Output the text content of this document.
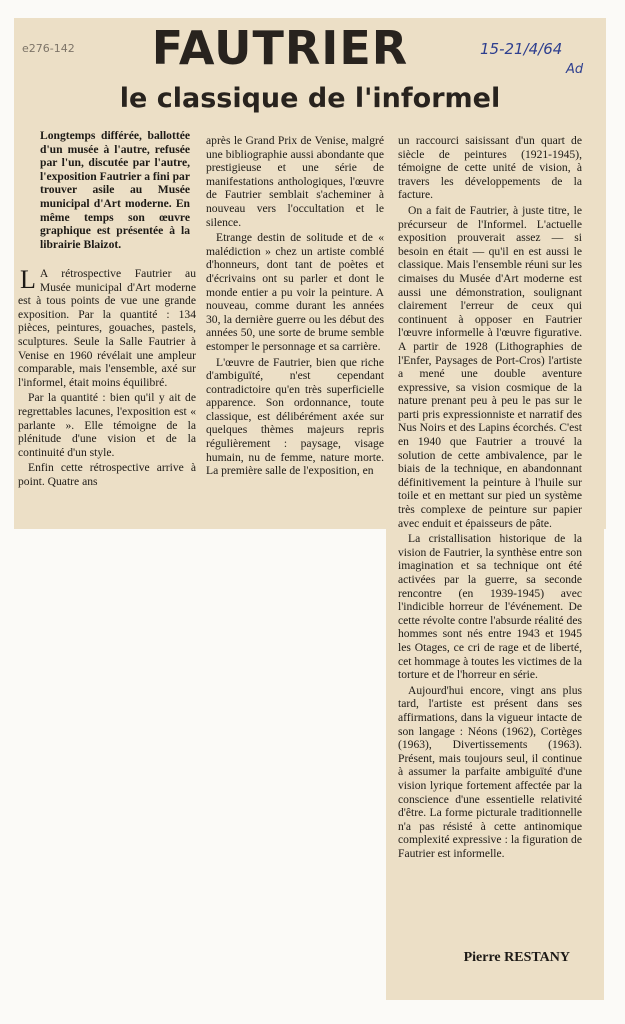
e276-142	15-21/4/64
Ad
FAUTRIER
le classique de l'informel

Longtemps différée, ballottée d'un musée à l'autre, refusée par l'un, discutée par l'autre, l'exposition Fautrier a fini par trouver asile au Musée municipal d'Art moderne. En même temps son œuvre graphique est présentée à la librairie Blaizot.

L A rétrospective Fautrier au Musée municipal d'Art moderne est à tous points de vue une grande exposition. Par la quantité : 134 pièces, peintures, gouaches, pastels, sculptures. Seule la Salle Fautrier à Venise en 1960 révélait une ampleur comparable, mais l'ensemble, axé sur l'informel, était moins équilibré.

Par la quantité : bien qu'il y ait de regrettables lacunes, l'exposition est « parlante ». Elle témoigne de la plénitude d'une vision et de la continuité d'un style.

Enfin cette rétrospective arrive à point. Quatre ans

après le Grand Prix de Venise, malgré une bibliographie aussi abondante que prestigieuse et une série de manifestations anthologiques, l'œuvre de Fautrier semblait s'acheminer à nouveau vers l'occultation et le silence.

Etrange destin de solitude et de « malédiction » chez un artiste comblé d'honneurs, dont tant de poètes et d'écrivains ont su parler et dont le monde entier a pu voir la peinture. A nouveau, comme durant les années 30, la dernière guerre ou les début des années 50, une sorte de brume semble estomper le personnage et sa carrière.

L'œuvre de Fautrier, bien que riche d'ambiguïté, n'est cependant contradictoire qu'en très superficielle apparence. Son ordonnance, toute classique, est délibérément axée sur quelques thèmes majeurs repris régulièrement : paysage, visage humain, nu de femme, nature morte. La première salle de l'exposition, en

un raccourci saisissant d'un quart de siècle de peintures (1921-1945), témoigne de cette unité de vision, à travers les développements de la facture.

On a fait de Fautrier, à juste titre, le précurseur de l'Informel. L'actuelle exposition prouverait assez — si besoin en était — qu'il en est aussi le classique. Mais l'ensemble réuni sur les cimaises du Musée d'Art moderne est aussi une démonstration, soulignant clairement l'erreur de ceux qui continuent à opposer en Fautrier l'œuvre informelle à l'œuvre figurative. A partir de 1928 (Lithographies de l'Enfer, Paysages de Port-Cros) l'artiste a mené une double aventure expressive, sa vision cosmique de la nature prenant peu à peu le pas sur le parti pris expressionniste et narratif des Nus Noirs et des Lapins écorchés. C'est en 1940 que Fautrier a trouvé la solution de cette ambivalence, par le biais de la technique, en abandonnant définitivement la peinture à l'huile sur toile et en mettant sur pied un système très complexe de peinture sur papier avec enduit et épaisseurs de pâte.

La cristallisation historique de la vision de Fautrier, la synthèse entre son imagination et sa technique ont été activées par la guerre, sa seconde rencontre (en 1939-1945) avec l'indicible horreur de l'événement. De cette révolte contre l'absurde réalité des hommes sont nés entre 1943 et 1945 les Otages, ce cri de rage et de liberté, cet hommage à toutes les victimes de la torture et de l'horreur en série.

Aujourd'hui encore, vingt ans plus tard, l'artiste est présent dans ses affirmations, dans la vigueur intacte de son langage : Néons (1962), Cortèges (1963), Divertissements (1963). Présent, mais toujours seul, il continue à assumer la parfaite ambiguïté d'une vision lyrique fortement affectée par la conscience d'une essentielle relativité d'être. La forme picturale traditionnelle n'a pas résisté à cette antinomique complexité expressive : la figuration de Fautrier est informelle.

Pierre RESTANY
